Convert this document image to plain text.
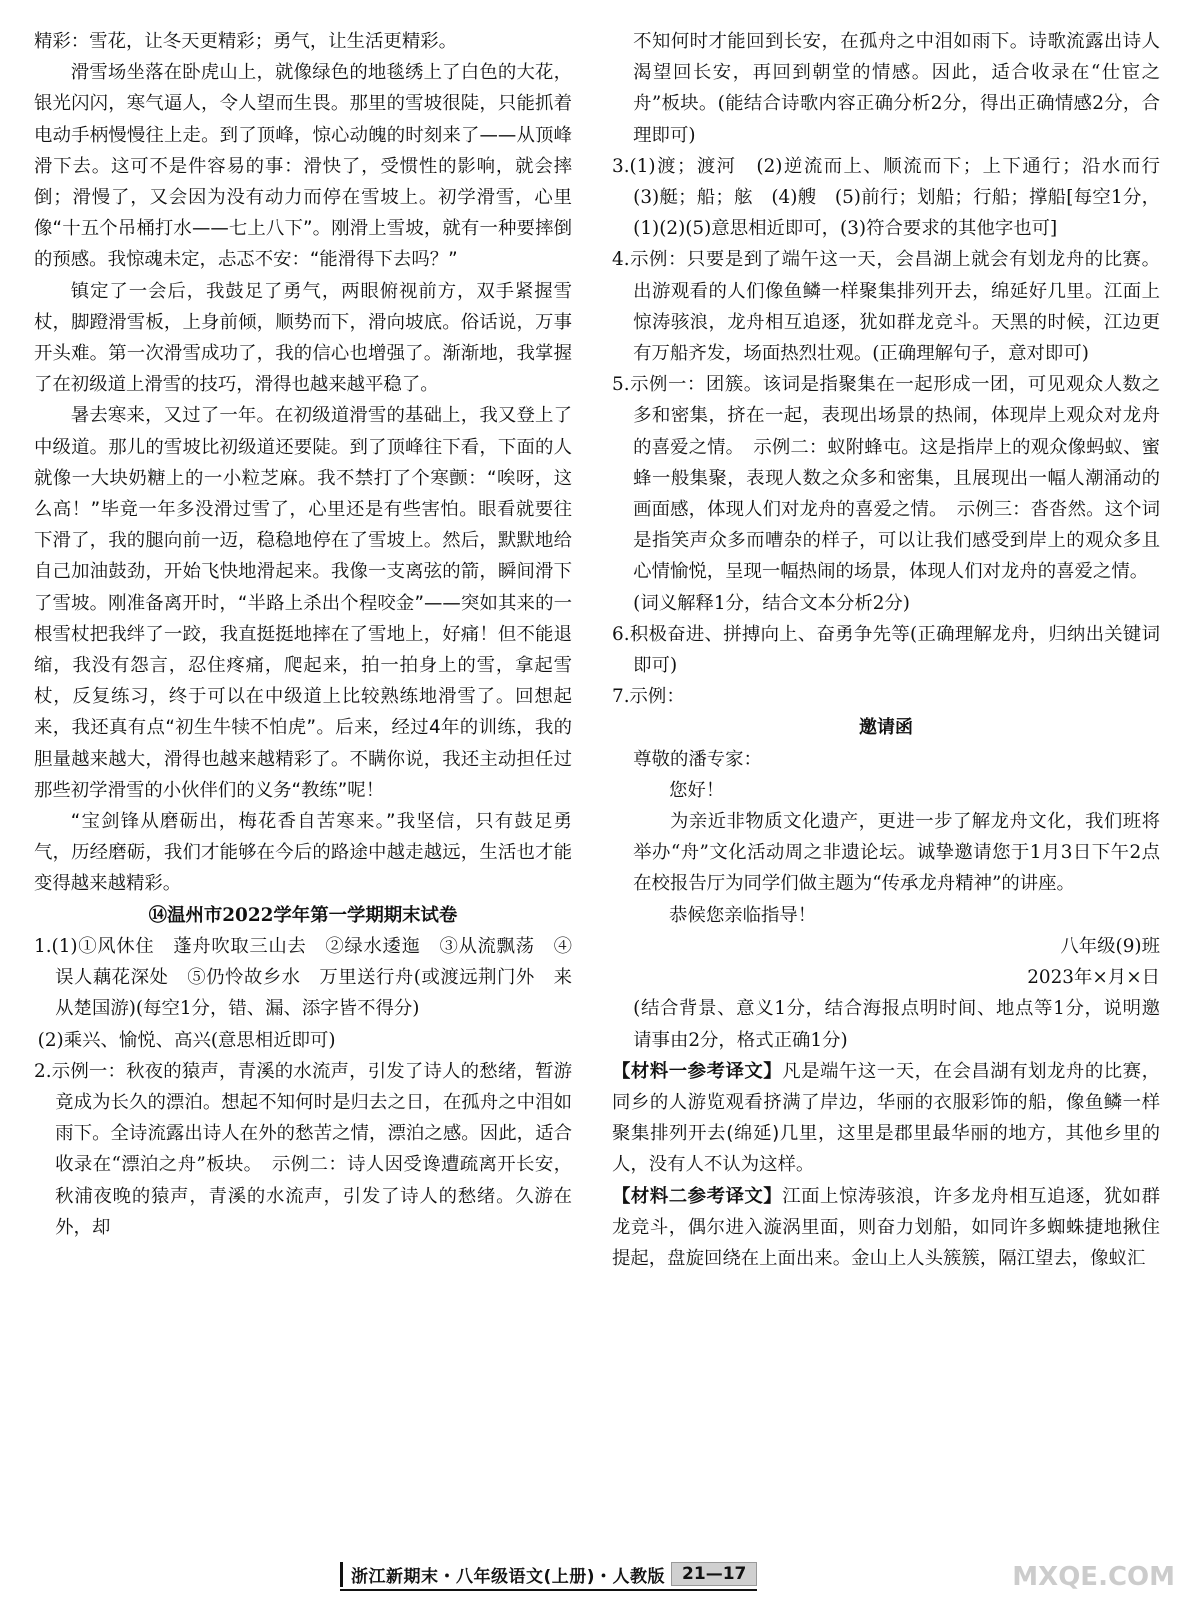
精彩：雪花，让冬天更精彩；勇气，让生活更精彩。

滑雪场坐落在卧虎山上，就像绿色的地毯绣上了白色的大花，银光闪闪，寒气逼人，令人望而生畏。那里的雪坡很陡，只能抓着电动手柄慢慢往上走。到了顶峰，惊心动魄的时刻来了——从顶峰滑下去。这可不是件容易的事：滑快了，受惯性的影响，就会摔倒；滑慢了，又会因为没有动力而停在雪坡上。初学滑雪，心里像“十五个吊桶打水——七上八下”。刚滑上雪坡，就有一种要摔倒的预感。我惊魂未定，忐忑不安：“能滑得下去吗？”

镇定了一会后，我鼓足了勇气，两眼俯视前方，双手紧握雪杖，脚蹬滑雪板，上身前倾，顺势而下，滑向坡底。俗话说，万事开头难。第一次滑雪成功了，我的信心也增强了。渐渐地，我掌握了在初级道上滑雪的技巧，滑得也越来越平稳了。

暑去寒来，又过了一年。在初级道滑雪的基础上，我又登上了中级道。那儿的雪坡比初级道还要陡。到了顶峰往下看，下面的人就像一大块奶糖上的一小粒芝麻。我不禁打了个寒颤：“唉呀，这么高！”毕竟一年多没滑过雪了，心里还是有些害怕。眼看就要往下滑了，我的腿向前一迈，稳稳地停在了雪坡上。然后，默默地给自己加油鼓劲，开始飞快地滑起来。我像一支离弦的箭，瞬间滑下了雪坡。刚准备离开时，“半路上杀出个程咬金”——突如其来的一根雪杖把我绊了一跤，我直挺挺地摔在了雪地上，好痛！但不能退缩，我没有怨言，忍住疼痛，爬起来，拍一拍身上的雪，拿起雪杖，反复练习，终于可以在中级道上比较熟练地滑雪了。回想起来，我还真有点“初生牛犊不怕虎”。后来，经过4年的训练，我的胆量越来越大，滑得也越来越精彩了。不瞒你说，我还主动担任过那些初学滑雪的小伙伴们的义务“教练”呢！

“宝剑锋从磨砺出，梅花香自苦寒来。”我坚信，只有鼓足勇气，历经磨砺，我们才能够在今后的路途中越走越远，生活也才能变得越来越精彩。

⑭温州市2022学年第一学期期末试卷

1.(1)①风休住　蓬舟吹取三山去　②绿水逶迤　③从流飘荡　④误人藕花深处　⑤仍怜故乡水　万里送行舟(或渡远荆门外　来从楚国游)(每空1分，错、漏、添字皆不得分)

(2)乘兴、愉悦、高兴(意思相近即可)

2.示例一：秋夜的猿声，青溪的水流声，引发了诗人的愁绪，暂游竟成为长久的漂泊。想起不知何时是归去之日，在孤舟之中泪如雨下。全诗流露出诗人在外的愁苦之情，漂泊之感。因此，适合收录在“漂泊之舟”板块。　示例二：诗人因受谗遭疏离开长安，秋浦夜晚的猿声，青溪的水流声，引发了诗人的愁绪。久游在外，却

不知何时才能回到长安，在孤舟之中泪如雨下。诗歌流露出诗人渴望回长安，再回到朝堂的情感。因此，适合收录在“仕宦之舟”板块。(能结合诗歌内容正确分析2分，得出正确情感2分，合理即可)

3.(1)渡；渡河　(2)逆流而上、顺流而下；上下通行；沿水而行　(3)艇；船；舷　(4)艘　(5)前行；划船；行船；撑船[每空1分，(1)(2)(5)意思相近即可，(3)符合要求的其他字也可]

4.示例：只要是到了端午这一天，会昌湖上就会有划龙舟的比赛。出游观看的人们像鱼鳞一样聚集排列开去，绵延好几里。江面上惊涛骇浪，龙舟相互追逐，犹如群龙竞斗。天黑的时候，江边更有万船齐发，场面热烈壮观。(正确理解句子，意对即可)

5.示例一：团簇。该词是指聚集在一起形成一团，可见观众人数之多和密集，挤在一起，表现出场景的热闹，体现岸上观众对龙舟的喜爱之情。　示例二：蚁附蜂屯。这是指岸上的观众像蚂蚁、蜜蜂一般集聚，表现人数之众多和密集，且展现出一幅人潮涌动的画面感，体现人们对龙舟的喜爱之情。　示例三：沓沓然。这个词是指笑声众多而嘈杂的样子，可以让我们感受到岸上的观众多且心情愉悦，呈现一幅热闹的场景，体现人们对龙舟的喜爱之情。

(词义解释1分，结合文本分析2分)

6.积极奋进、拼搏向上、奋勇争先等(正确理解龙舟，归纳出关键词即可)

7.示例：

邀请函

尊敬的潘专家：

您好！

为亲近非物质文化遗产，更进一步了解龙舟文化，我们班将举办“舟”文化活动周之非遗论坛。诚挚邀请您于1月3日下午2点在校报告厅为同学们做主题为“传承龙舟精神”的讲座。

恭候您亲临指导！

八年级(9)班

2023年×月×日

(结合背景、意义1分，结合海报点明时间、地点等1分，说明邀请事由2分，格式正确1分)

【材料一参考译文】凡是端午这一天，在会昌湖有划龙舟的比赛，同乡的人游览观看挤满了岸边，华丽的衣服彩饰的船，像鱼鳞一样聚集排列开去(绵延)几里，这里是郡里最华丽的地方，其他乡里的人，没有人不认为这样。

【材料二参考译文】江面上惊涛骇浪，许多龙舟相互追逐，犹如群龙竞斗，偶尔进入漩涡里面，则奋力划船，如同许多蜘蛛捷地揪住提起，盘旋回绕在上面出来。金山上人头簇簇，隔江望去，像蚁汇

浙江新期末・八年级语文(上册)・人教版	21—17	MXQE.COM
